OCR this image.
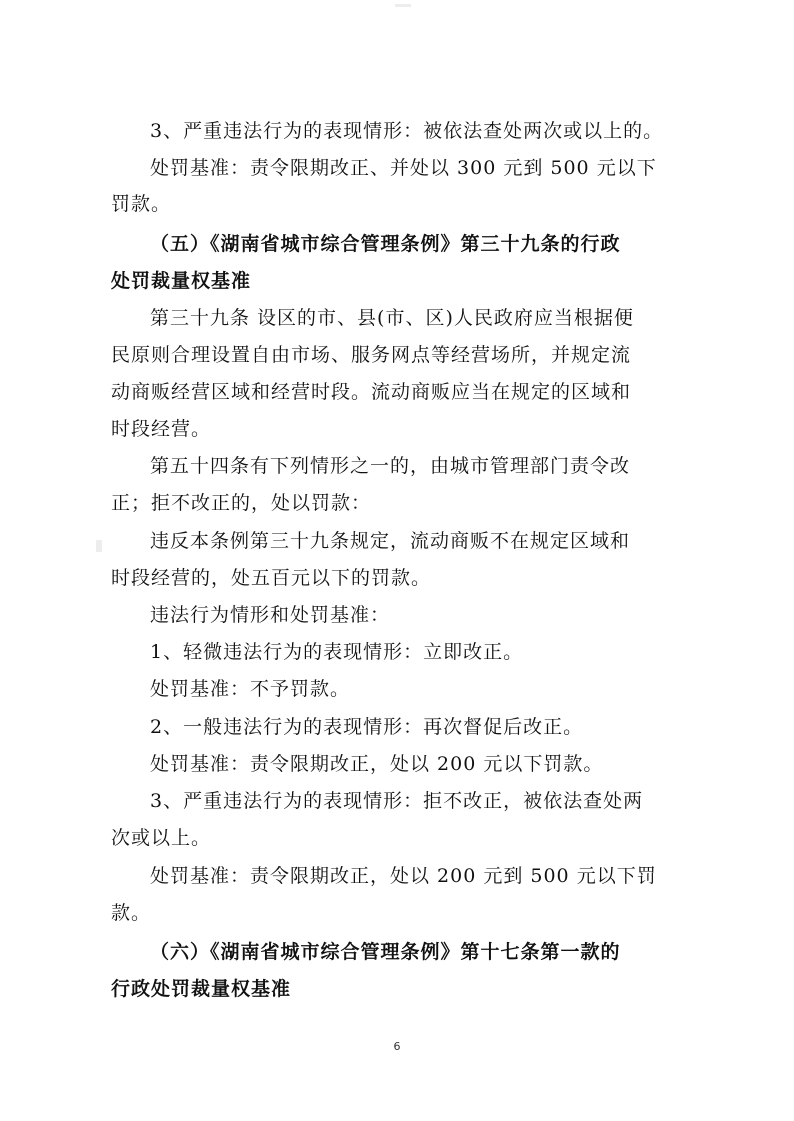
3、严重违法行为的表现情形：被依法查处两次或以上的。
处罚基准：责令限期改正、并处以 300 元到 500 元以下
罚款。
（五）《湖南省城市综合管理条例》第三十九条的行政
处罚裁量权基准
第三十九条 设区的市、县(市、区)人民政府应当根据便
民原则合理设置自由市场、服务网点等经营场所，并规定流
动商贩经营区域和经营时段。流动商贩应当在规定的区域和
时段经营。
第五十四条有下列情形之一的，由城市管理部门责令改
正；拒不改正的，处以罚款：
违反本条例第三十九条规定，流动商贩不在规定区域和
时段经营的，处五百元以下的罚款。
违法行为情形和处罚基准：
1、轻微违法行为的表现情形：立即改正。
处罚基准：不予罚款。
2、一般违法行为的表现情形：再次督促后改正。
处罚基准：责令限期改正，处以 200 元以下罚款。
3、严重违法行为的表现情形：拒不改正，被依法查处两
次或以上。
处罚基准：责令限期改正，处以 200 元到 500 元以下罚
款。
（六）《湖南省城市综合管理条例》第十七条第一款的
行政处罚裁量权基准
6
